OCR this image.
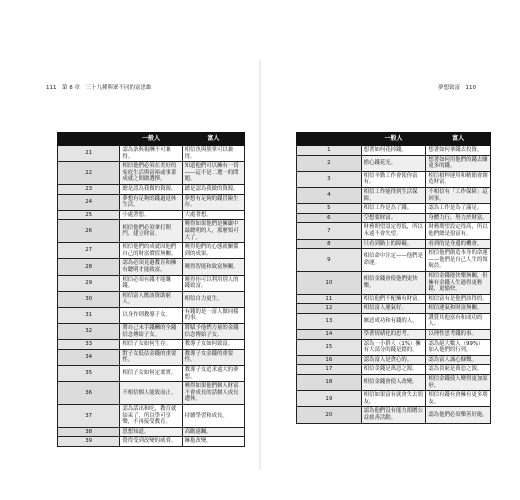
111　第 8 章　三十九種與眾不同的富思維	夢想致富　110
	一般人	富人
21	認為条與報酬不可兼得。	相信魚與熊掌可以兼得。
22	相信他們必須在美好的家庭生活與富裕或事業成就之間做選擇。	知道他們可以擁有一切——這不是二選一的問題。
23	總是認為我做的資源。	總是認為我做的資源。
24	夢想有足夠的錢過退休生活。	夢想有足夠的錢冒險生存。
25	小處著想。	大處著想。
26	相信他們必須拿打開門、建立財富。	曉得如果他們是擁嚴中最聰明的人，那麼領可大了。
27	相信他們的成就因他們自己的財富價值無關。	曉得他們的心態就關係到的成果。
28	認為必須見過教育和擁有聰明才能致富。	曉得智能和致富無關。
29	相信必須有錢才能賺錢。	曉得你可以利用別人的錢致富。
30	相信富人應該資助窮人。	相信自力更生。
31	以身作則教導子女。	有錢的是一富人做同樣的事。
32	將自己未手錢酬的全錢信念傳給子女。	將賦予他們力量的金錢信念傳給子女。
33	相信子女如何生存。	教導子女如何致富。
34	對子女低估金錢的重要性。	教導子女金錢的重要性。
35	相信子女如何定要實。	教導子女追求遠大的夢想。
36	不相信個人能致而止。	曉得如果他們個人財富不會成長的話個人成長遭休。
37	認為話出和吃，教育就結束了，所以學可享樂，不再接受教育。	持續學習和成長。
38	思想知道。	高瞻遠矚。
39	覺得受到改變的威脅。	擁抱改變。
	一般人	富人
1	想著如何花掉錢。	想著如何拿錢去投資。
2	擔心錢花光。	想著如何用他們的錢去賺更多的錢。
3	相信辛勤工作會使你富有。	相信槓桿運用和精簡會創造財富。
4	相信工作能得到生活保障。	不相信有「工作保障」這回事。
5	相信工作是為了錢。	認為工作是為了滿足。
6	空想要財富。	身體力行，努力於財富。
7	財務期望設定得低，所以永遠不會失望。	財務期望設定得高，所以他們總是很富有。
8	只看到路上的障礙。	看到的是身邊的機會。
9	相信命中注定——他們是命運。	相信他們創造本身的命運——他們是自己人生的領航員。
10	相信金錢會使他們更快樂。	相信金錢能快樂無關，但擁有金錢人生過得更輕鬆，更愉快。
11	相信他們不配擁有財富。	相信富有是他們該得的。
12	相信富人運氣好。	相信運氣和財富無關。
13	厭惡成功和有錢的人。	讚賞其他富有和成功的人。
14	學著情緒化的思考。	以理性思考錢的事。
15	認為一小群人（1%）擁有大部分的錢是錯的。	認為絕大數人（99%）加入他們的行列。
16	認為富人是貪心的。	認為富人誠心慷慨。
17	相信金錢是萬惡之源。	認為貧窮是萬惡之源。
18	相信金錢會使人改變。	相信金錢使人變得更加原形。
19	相信如果富有就會失去朋友。	相信有錢有會擁有更多朋友。
20	認為他們沒有能力捐贈公益慈善活動。	認為他們必須樂善好施。
